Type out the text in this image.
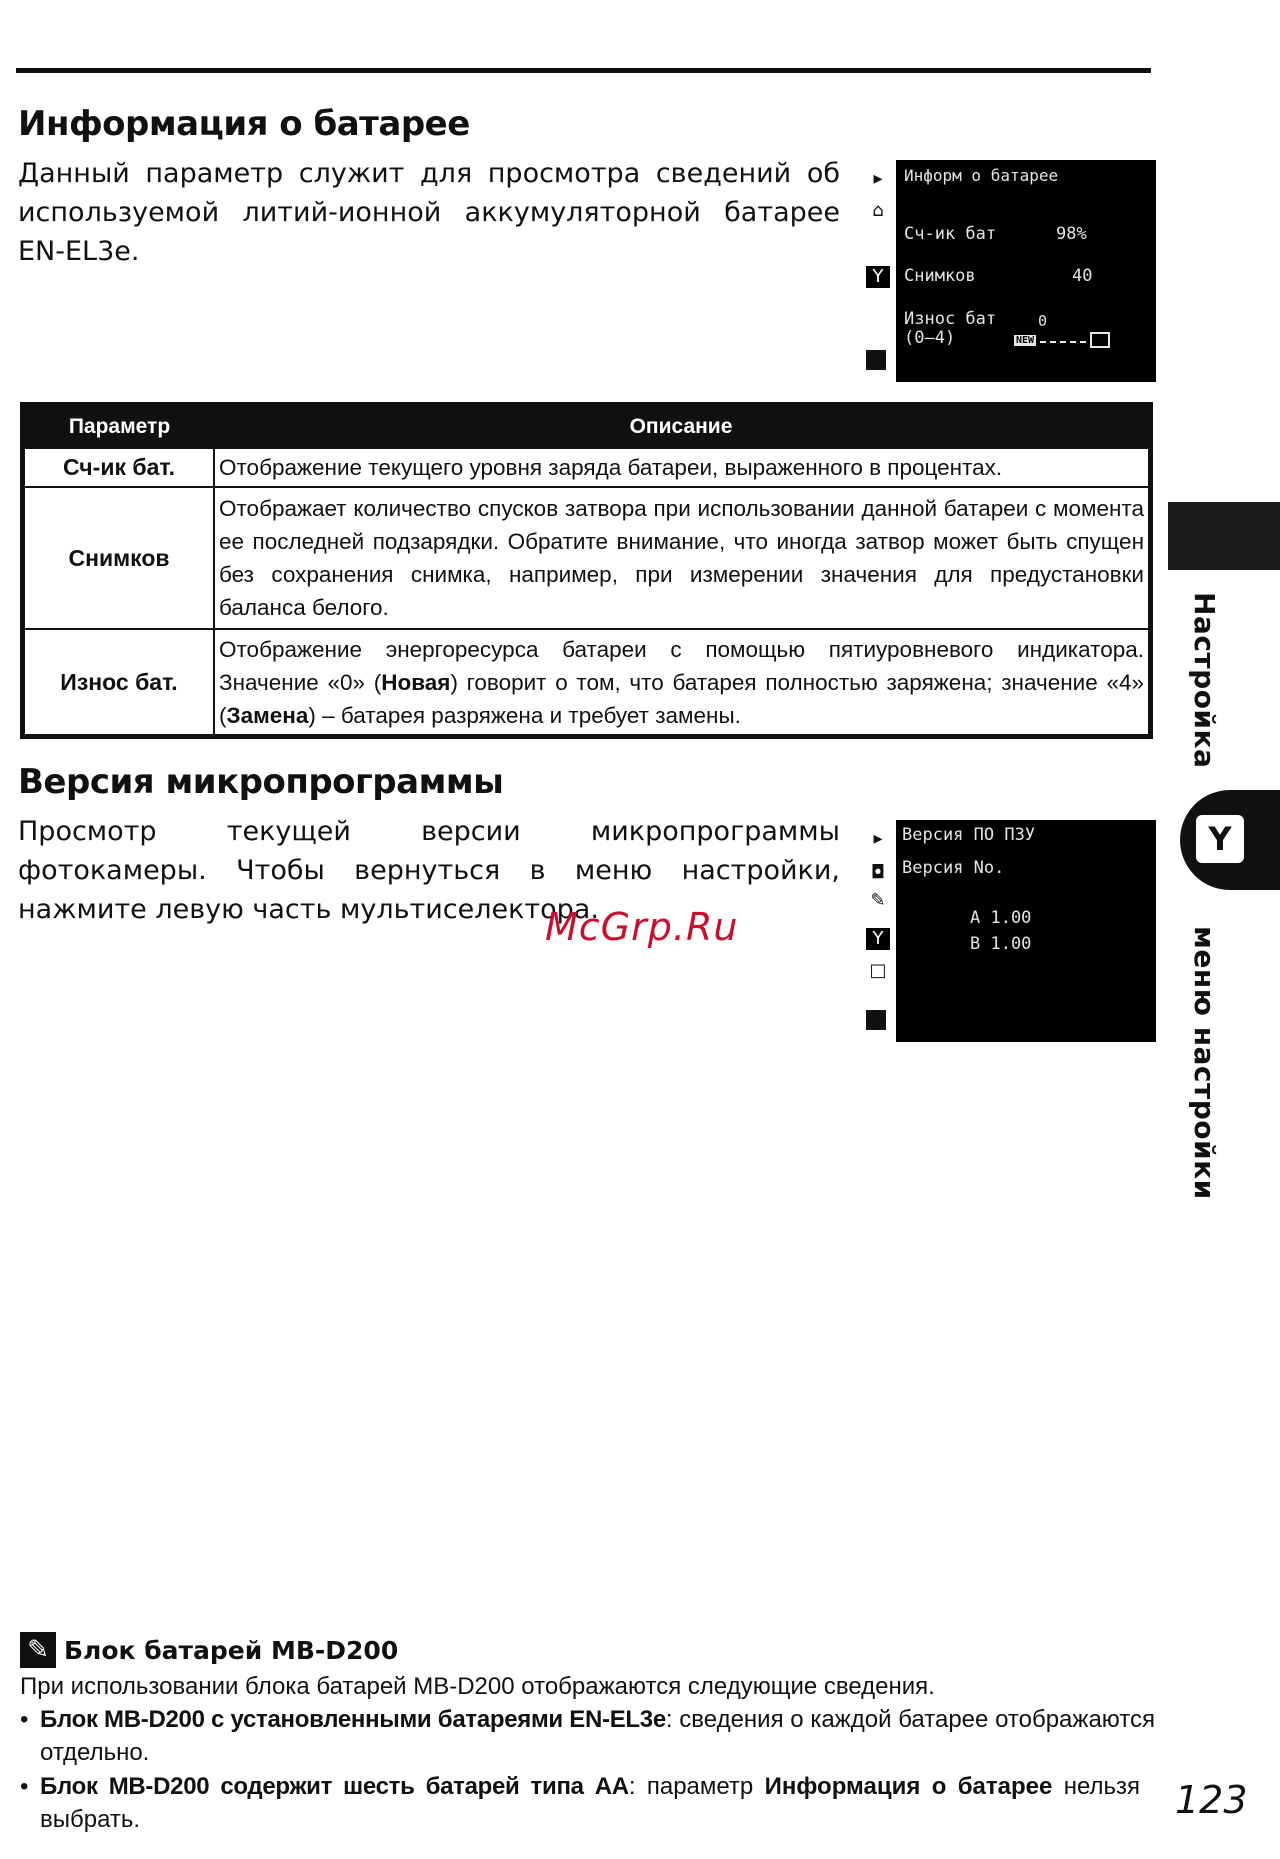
Информация о батарее
Данный параметр служит для просмотра сведений об используемой литий-ионной аккумуляторной батарее EN-EL3e.
▸
⌂
Y
Информ о батарее
Сч-ик бат	98%
Снимков	40
Износ бат
(0–4)
0
NEW
Параметр	Описание
Сч-ик бат.	Отображение текущего уровня заряда батареи, выраженного в процентах.
Снимков	Отображает количество спусков затвора при использовании данной батареи с момента ее последней подзарядки. Обратите внимание, что иногда затвор может быть спущен без сохранения снимка, например, при измерении значения для предустановки баланса белого.
Износ бат.	Отображение энергоресурса батареи с помощью пятиуровневого индикатора. Значение «0» (Новая) говорит о том, что батарея полностью заряжена; значение «4» (Замена) – батарея разряжена и требует замены.
Версия микропрограммы
Просмотр текущей версии микропрограммы фотокамеры. Чтобы вернуться в меню настройки, нажмите левую часть мультиселектора.
▸
◘
✎
Y
□
Версия ПО ПЗУ
Версия No.
A 1.00
B 1.00
McGrp.Ru
Настройка
Y
меню настройки
✎ Блок батарей MB-D200
При использовании блока батарей MB-D200 отображаются следующие сведения.
• Блок MB-D200 с установленными батареями EN-EL3e: сведения о каждой батарее отображаются отдельно.
• Блок MB-D200 содержит шесть батарей типа AA: параметр Информация о батарее нельзя выбрать.	123
